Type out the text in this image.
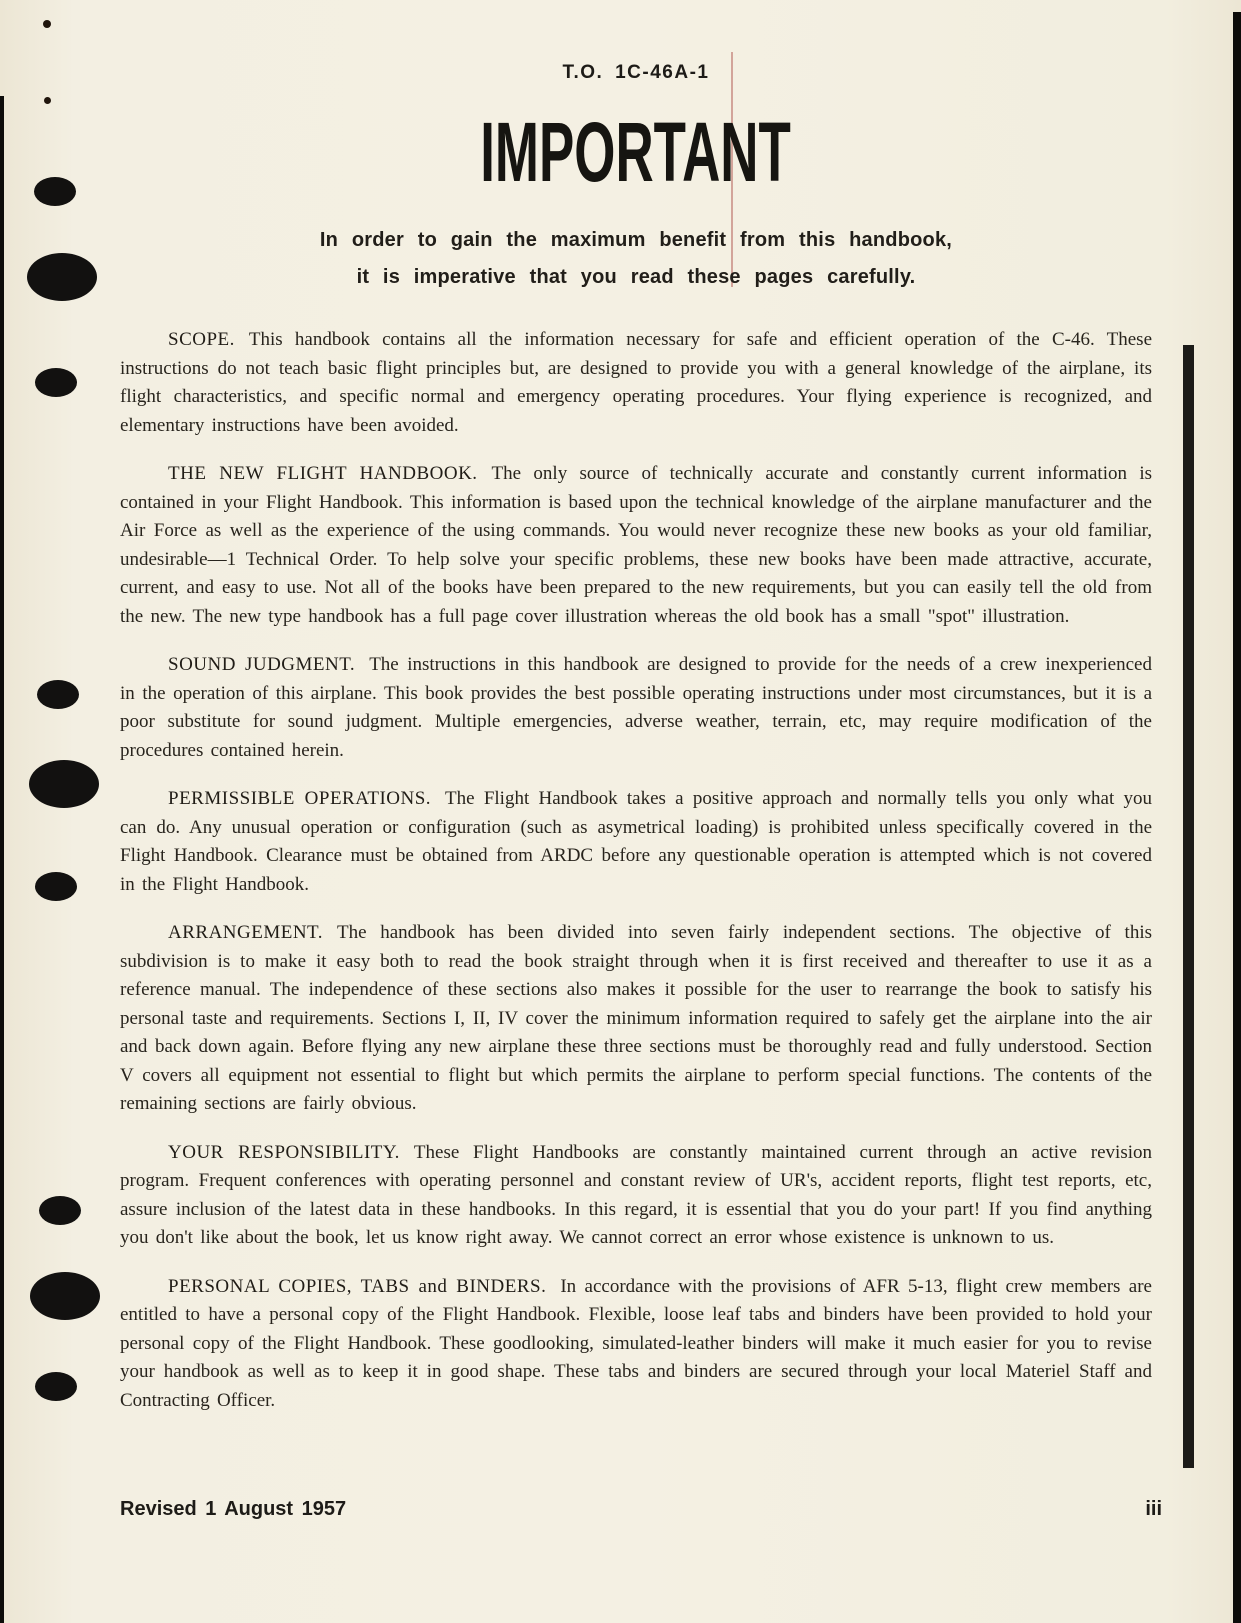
T.O. 1C-46A-1
IMPORTANT
In order to gain the maximum benefit from this handbook,
it is imperative that you read these pages carefully.

SCOPE. This handbook contains all the information necessary for safe and efficient operation of the C-46. These instructions do not teach basic flight principles but, are designed to provide you with a general knowledge of the airplane, its flight characteristics, and specific normal and emergency operating procedures. Your flying experience is recognized, and elementary instructions have been avoided.

THE NEW FLIGHT HANDBOOK. The only source of technically accurate and constantly current information is contained in your Flight Handbook. This information is based upon the technical knowledge of the airplane manufacturer and the Air Force as well as the experience of the using commands. You would never recognize these new books as your old familiar, undesirable—1 Technical Order. To help solve your specific problems, these new books have been made attractive, accurate, current, and easy to use. Not all of the books have been prepared to the new requirements, but you can easily tell the old from the new. The new type handbook has a full page cover illustration whereas the old book has a small "spot" illustration.

SOUND JUDGMENT. The instructions in this handbook are designed to provide for the needs of a crew inexperienced in the operation of this airplane. This book provides the best possible operating instructions under most circumstances, but it is a poor substitute for sound judgment. Multiple emergencies, adverse weather, terrain, etc, may require modification of the procedures contained herein.

PERMISSIBLE OPERATIONS. The Flight Handbook takes a positive approach and normally tells you only what you can do. Any unusual operation or configuration (such as asymetrical loading) is prohibited unless specifically covered in the Flight Handbook. Clearance must be obtained from ARDC before any questionable operation is attempted which is not covered in the Flight Handbook.

ARRANGEMENT. The handbook has been divided into seven fairly independent sections. The objective of this subdivision is to make it easy both to read the book straight through when it is first received and thereafter to use it as a reference manual. The independence of these sections also makes it possible for the user to rearrange the book to satisfy his personal taste and requirements. Sections I, II, IV cover the minimum information required to safely get the airplane into the air and back down again. Before flying any new airplane these three sections must be thoroughly read and fully understood. Section V covers all equipment not essential to flight but which permits the airplane to perform special functions. The contents of the remaining sections are fairly obvious.

YOUR RESPONSIBILITY. These Flight Handbooks are constantly maintained current through an active revision program. Frequent conferences with operating personnel and constant review of UR's, accident reports, flight test reports, etc, assure inclusion of the latest data in these handbooks. In this regard, it is essential that you do your part! If you find anything you don't like about the book, let us know right away. We cannot correct an error whose existence is unknown to us.

PERSONAL COPIES, TABS and BINDERS. In accordance with the provisions of AFR 5-13, flight crew members are entitled to have a personal copy of the Flight Handbook. Flexible, loose leaf tabs and binders have been provided to hold your personal copy of the Flight Handbook. These goodlooking, simulated-leather binders will make it much easier for you to revise your handbook as well as to keep it in good shape. These tabs and binders are secured through your local Materiel Staff and Contracting Officer.

Revised 1 August 1957	iii
